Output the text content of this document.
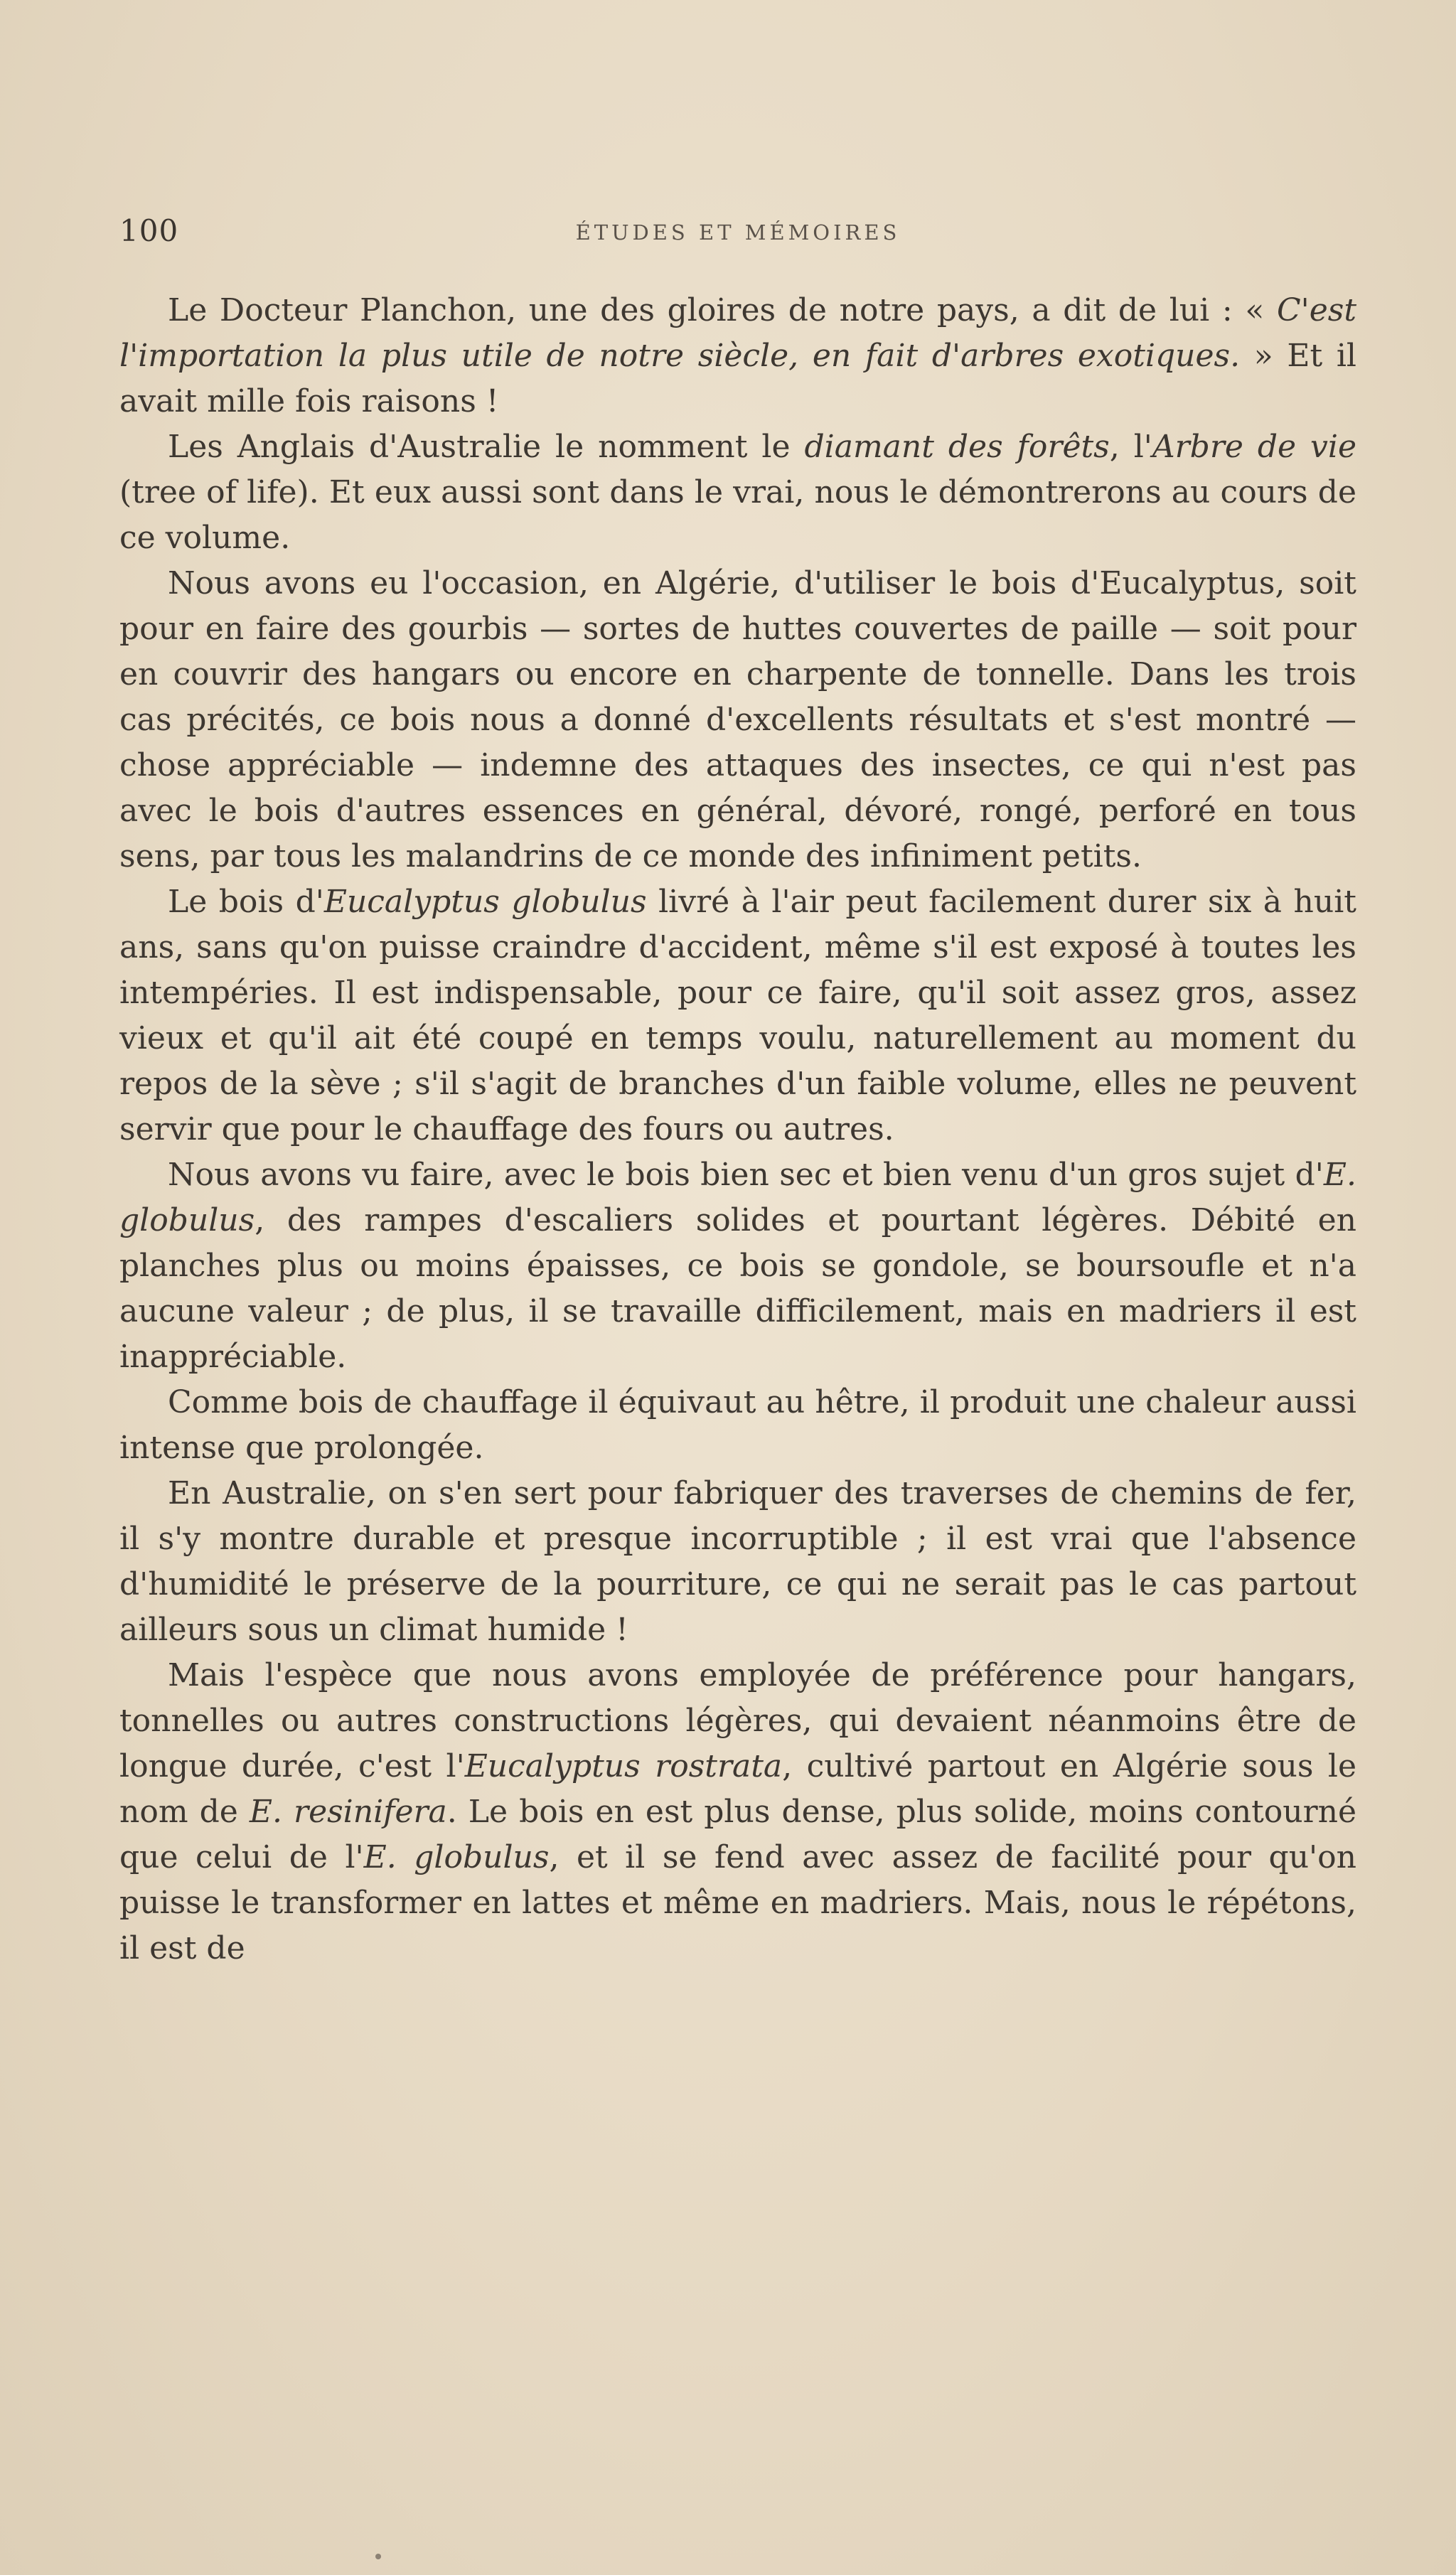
100	ÉTUDES ET MÉMOIRES

Le Docteur Planchon, une des gloires de notre pays, a dit de lui : « C'est l'importation la plus utile de notre siècle, en fait d'arbres exotiques. » Et il avait mille fois raisons !

Les Anglais d'Australie le nomment le diamant des forêts, l'Arbre de vie (tree of life). Et eux aussi sont dans le vrai, nous le démontrerons au cours de ce volume.

Nous avons eu l'occasion, en Algérie, d'utiliser le bois d'Eucalyptus, soit pour en faire des gourbis — sortes de huttes couvertes de paille — soit pour en couvrir des hangars ou encore en charpente de tonnelle. Dans les trois cas précités, ce bois nous a donné d'excellents résultats et s'est montré — chose appréciable — indemne des attaques des insectes, ce qui n'est pas avec le bois d'autres essences en général, dévoré, rongé, perforé en tous sens, par tous les malandrins de ce monde des infiniment petits.

Le bois d'Eucalyptus globulus livré à l'air peut facilement durer six à huit ans, sans qu'on puisse craindre d'accident, même s'il est exposé à toutes les intempéries. Il est indispensable, pour ce faire, qu'il soit assez gros, assez vieux et qu'il ait été coupé en temps voulu, naturellement au moment du repos de la sève ; s'il s'agit de branches d'un faible volume, elles ne peuvent servir que pour le chauffage des fours ou autres.

Nous avons vu faire, avec le bois bien sec et bien venu d'un gros sujet d'E. globulus, des rampes d'escaliers solides et pourtant légères. Débité en planches plus ou moins épaisses, ce bois se gondole, se boursoufle et n'a aucune valeur ; de plus, il se travaille difficilement, mais en madriers il est inappréciable.

Comme bois de chauffage il équivaut au hêtre, il produit une chaleur aussi intense que prolongée.

En Australie, on s'en sert pour fabriquer des traverses de chemins de fer, il s'y montre durable et presque incorruptible ; il est vrai que l'absence d'humidité le préserve de la pourriture, ce qui ne serait pas le cas partout ailleurs sous un climat humide !

Mais l'espèce que nous avons employée de préférence pour hangars, tonnelles ou autres constructions légères, qui devaient néanmoins être de longue durée, c'est l'Eucalyptus rostrata, cultivé partout en Algérie sous le nom de E. resinifera. Le bois en est plus dense, plus solide, moins contourné que celui de l'E. globulus, et il se fend avec assez de facilité pour qu'on puisse le transformer en lattes et même en madriers. Mais, nous le répétons, il est de
